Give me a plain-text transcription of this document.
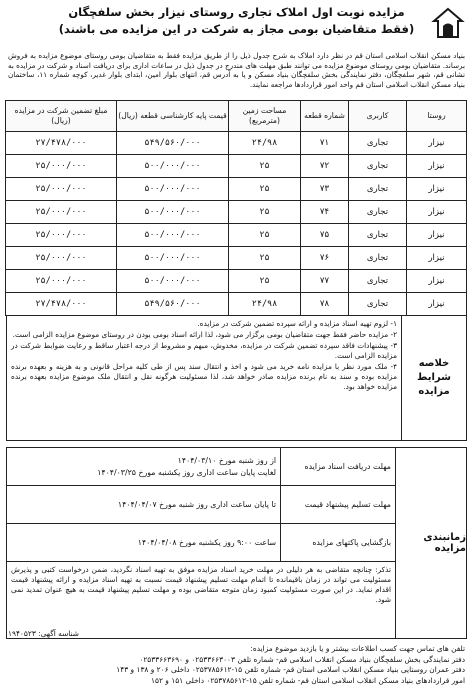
مزایده نوبت اول املاک تجاری روستای نیزار بخش سلفچگان
(فقط متقاضیان بومی مجاز به شرکت در این مزایده می باشند)
بنیاد مسکن انقلاب اسلامی استان قم در نظر دارد املاک به شرح جدول ذیل را از طریق مزایده فقط به متقاضیان بومی روستای موضوع مزایده به فروش برساند. متقاضیان بومی روستای موضوع مزایده می توانند طبق مهلت های مندرج در جدول ذیل در ساعات اداری برای دریافت اسناد و شرکت در مزایده به نشانی قم، شهر سلفچگان، دفتر نمایندگی بخش سلفچگان بنیاد مسکن و یا به آدرس قم، انتهای بلوار امین، ابتدای بلوار غدیر، کوچه شماره ۱۱، ساختمان بنیاد مسکن انقلاب اسلامی استان قم واحد امور قراردادها مراجعه نمایند.
روستا	کاربری	شماره قطعه	مساحت زمین (مترمربع)	قیمت پایه کارشناسی قطعه (ریال)	مبلغ تضمین شرکت در مزایده (ریال)
نیزار	تجاری	۷۱	۲۴/۹۸	۵۴۹/۵۶۰/۰۰۰	۲۷/۴۷۸/۰۰۰
نیزار	تجاری	۷۲	۲۵	۵۰۰/۰۰۰/۰۰۰	۲۵/۰۰۰/۰۰۰
نیزار	تجاری	۷۳	۲۵	۵۰۰/۰۰۰/۰۰۰	۲۵/۰۰۰/۰۰۰
نیزار	تجاری	۷۴	۲۵	۵۰۰/۰۰۰/۰۰۰	۲۵/۰۰۰/۰۰۰
نیزار	تجاری	۷۵	۲۵	۵۰۰/۰۰۰/۰۰۰	۲۵/۰۰۰/۰۰۰
نیزار	تجاری	۷۶	۲۵	۵۰۰/۰۰۰/۰۰۰	۲۵/۰۰۰/۰۰۰
نیزار	تجاری	۷۷	۲۵	۵۰۰/۰۰۰/۰۰۰	۲۵/۰۰۰/۰۰۰
نیزار	تجاری	۷۸	۲۴/۹۸	۵۴۹/۵۶۰/۰۰۰	۲۷/۴۷۸/۰۰۰
خلاصه شرایط
مزایده

۱- لزوم تهیه اسناد مزایده و ارائه سپرده تضمین شرکت در مزایده.

۲- مزایده حاضر فقط جهت متقاضیان بومی برگزار می شود، لذا ارائه اسناد بومی بودن در روستای موضوع مزایده الزامی است.

۳- پیشنهادات فاقد سپرده تضمین شرکت در مزایده، مخدوش، مبهم و مشروط از درجه اعتبار ساقط و رعایت ضوابط شرکت در مزایده الزامی است.

۴- ملک مورد نظر با مزایده نامه خرید می شود و اخذ و انتقال سند پس از طی کلیه مراحل قانونی و به هزینه و بعهده برنده مزایده بوده و سند به نام برنده مزایده صادر خواهد شد، لذا مسئولیت هرگونه نقل و انتقال ملک موضوع مزایده بعهده برنده مزایده خواهد بود.

زمانبندی مزایده
مهلت دریافت اسناد مزایده
از روز شنبه مورخ ۱۴۰۴/۰۳/۱۰
لغایت پایان ساعت اداری روز یکشنبه مورخ ۱۴۰۴/۰۳/۲۵
مهلت تسلیم پیشنهاد قیمت
تا پایان ساعت اداری روز شنبه مورخ ۱۴۰۴/۰۴/۰۷
بازگشایی پاکتهای مزایده
ساعت ۹:۰۰ روز یکشنبه مورخ ۱۴۰۴/۰۴/۰۸
تذکر: چنانچه متقاضی به هر دلیلی در مهلت خرید اسناد مزایده موفق به تهیه اسناد نگردید، ضمن درخواست کتبی و پذیرش مسئولیت می تواند در زمان باقیمانده تا اتمام مهلت تسلیم پیشنهاد قیمت نسبت به تهیه اسناد مزایده و ارائه پیشنهاد قیمت اقدام نماید. در این صورت مسئولیت کمبود زمان متوجه متقاضی بوده و مهلت تسلیم پیشنهاد قیمت به هیچ عنوان تمدید نمی شود.

تلفن های تماس جهت کسب اطلاعات بیشتر و یا بازدید موضوع مزایده:

دفتر نمایندگی بخش سلفچگان بنیاد مسکن انقلاب اسلامی قم- شماره تلفن ۰۲۵۳۳۶۶۳۰۰۳ و ۰۲۵۳۳۶۶۳۶۹۰

دفتر عمران روستایی بنیاد مسکن انقلاب اسلامی استان قم- شماره تلفن ۱۵-۰۲۵۳۷۸۵۶۱۲ داخلی ۲۰۶ و ۱۳۸ و ۱۴۳

امور قراردادهای بنیاد مسکن انقلاب اسلامی استان قم- شماره تلفن ۱۵-۰۲۵۳۷۸۵۶۱۲ داخلی ۱۵۱ و ۱۵۲

شناسه آگهی: ۱۹۴۰۵۲۳
